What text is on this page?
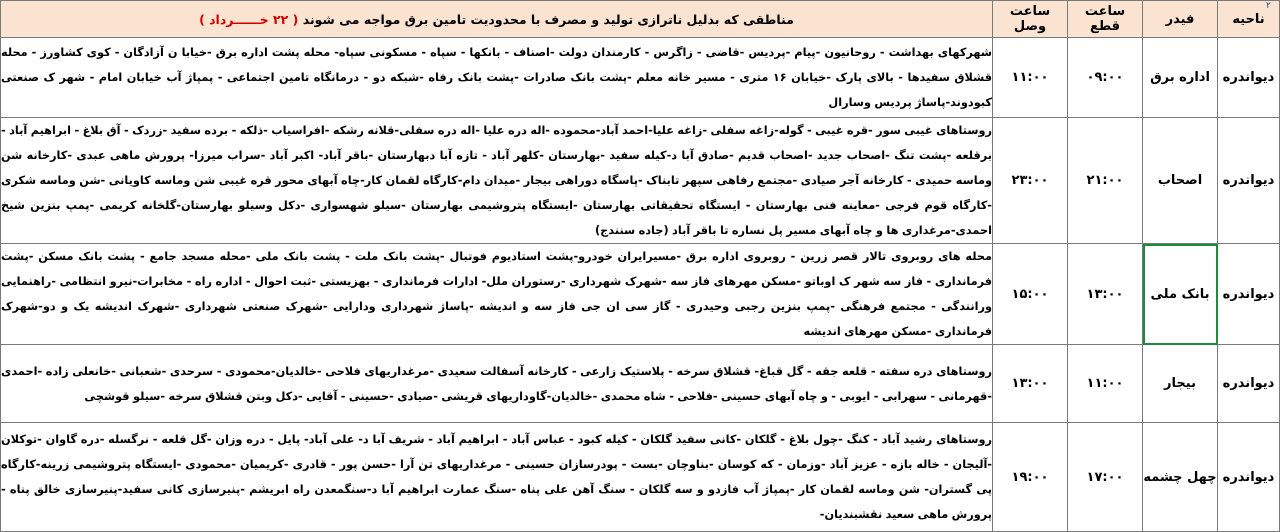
ناحیه	فیدر	ساعت قطع	ساعت وصل	مناطقی که بدلیل ناترازی تولید و مصرف با محدودیت تامین برق مواجه می شوند ( ۲۲ خــــــرداد )
دیواندره	اداره برق	۰۹:۰۰	۱۱:۰۰	شهرکهای بهداشت - روحانیون -پیام -پردیس -قاضی - زاگرس - کارمندان دولت -اصناف - بانکها - سپاه - مسکونی سپاه- محله پشت اداره برق -خیابا ن آزادگان - کوی کشاورز - محله قشلاق سفیدها - بالای پارک -خیابان ۱۶ متری - مسیر خانه معلم -پشت بانک صادرات -پشت بانک رفاه -شبکه دو - درمانگاه تامین اجتماعی - پمپاژ آب خیابان امام - شهر ک صنعتی کبودوند-پاساژ پردیس وسارال
دیواندره	اصحاب	۲۱:۰۰	۲۳:۰۰	روستاهای غیبی سور -قره غیبی - گوله-زاغه سفلی -زاغه علیا-احمد آباد-محموده -اله دره علیا -اله دره سفلی-قلانه رشکه -افراسیاب -ذلکه - برده سفید -زردک - آق بلاغ - ابراهیم آباد - برقلعه -پشت تنگ -اصحاب جدید -اصحاب قدیم -صادق آبا د-کیله سفید -بهارستان -کلهر آباد - تازه آبا دبهارستان -باقر آباد- اکبر آباد -سراب میرزا- پرورش ماهی عبدی -کارخانه شن وماسه حمیدی - کارخانه آجر صیادی -مجتمع رفاهی سپهر تابناک -پاسگاه دوراهی بیجار -میدان دام-کارگاه لقمان کار-چاه آبهای محور قره غیبی شن وماسه کاویانی -شن وماسه شکری -کارگاه قوم فرجی -معاینه فنی بهارستان - ایستگاه تحقیقاتی بهارستان -ایستگاه پتروشیمی بهارستان -سیلو شهسواری -دکل وسیلو بهارستان-گلخانه کریمی -پمپ بنزین شیخ احمدی-مرغداری ها و چاه آبهای مسیر پل نساره تا باقر آباد (جاده سنندج)
دیواندره	بانک ملی	۱۳:۰۰	۱۵:۰۰	محله های روبروی تالار قصر زرین - روبروی اداره برق -مسیرایران خودرو-پشت استادیوم فوتبال -پشت بانک ملت - پشت بانک ملی -محله مسجد جامع - پشت بانک مسکن -پشت فرمانداری - فاز سه شهر ک اوباتو -مسکن مهرهای فاز سه -شهرک شهرداری -رستوران ملل- ادارات فرمانداری - بهزیستی -ثبت احوال - اداره راه - مخابرات-نیرو انتظامی -راهنمایی ورانندگی - مجتمع فرهنگی -پمپ بنزین رجبی وحیدری - گاز سی ان جی فاز سه و اندیشه -پاساژ شهرداری ودارایی -شهرک صنعتی شهرداری -شهرک اندیشه یک و دو-شهرک فرمانداری -مسکن مهرهای اندیشه
دیواندره	بیجار	۱۱:۰۰	۱۳:۰۰	روستاهای دره سفته - قلعه جقه - گل قباغ- قشلاق سرخه - پلاستیک زارعی - کارخانه آسفالت سعیدی -مرغداریهای فلاحی -خالدیان-محمودی - سرحدی -شعبانی -خانعلی زاده -احمدی -قهرمانی - سهرابی - ایوبی - و چاه آبهای حسینی -فلاحی - شاه محمدی -خالدیان-گاوداریهای قریشی -صیادی -حسینی - آقایی -دکل وبتن قشلاق سرخه -سیلو قوشچی
دیواندره	چهل چشمه	۱۷:۰۰	۱۹:۰۰	روستاهای رشید آباد - کنگ -چول بلاغ - گلکان -کانی سفید گلکان - کیله کبود - عباس آباد - ابراهیم آباد - شریف آبا د- علی آباد- پایل - دره وزان -گل قلعه - نرگسله -دره گاوان -توکلان -آلیجان - خاله بازه - عزیز آباد -وزمان - که کوسان -بناوچان -بست - پودرسازان حسینی - مرغداریهای تن آرا -حسن پور - قادری -کریمیان -محمودی -ایستگاه پتروشیمی زرینه-کارگاه پی گستران- شن وماسه لقمان کار -پمپاژ آب فازدو و سه گلکان - سنگ آهن علی پناه -سنگ عمارت ابراهیم آبا د-سنگمعدن راه ابریشم -پنیرسازی کانی سفید-پنیرسازی خالق پناه - پرورش ماهی سعید نقشبندیان-
۲
